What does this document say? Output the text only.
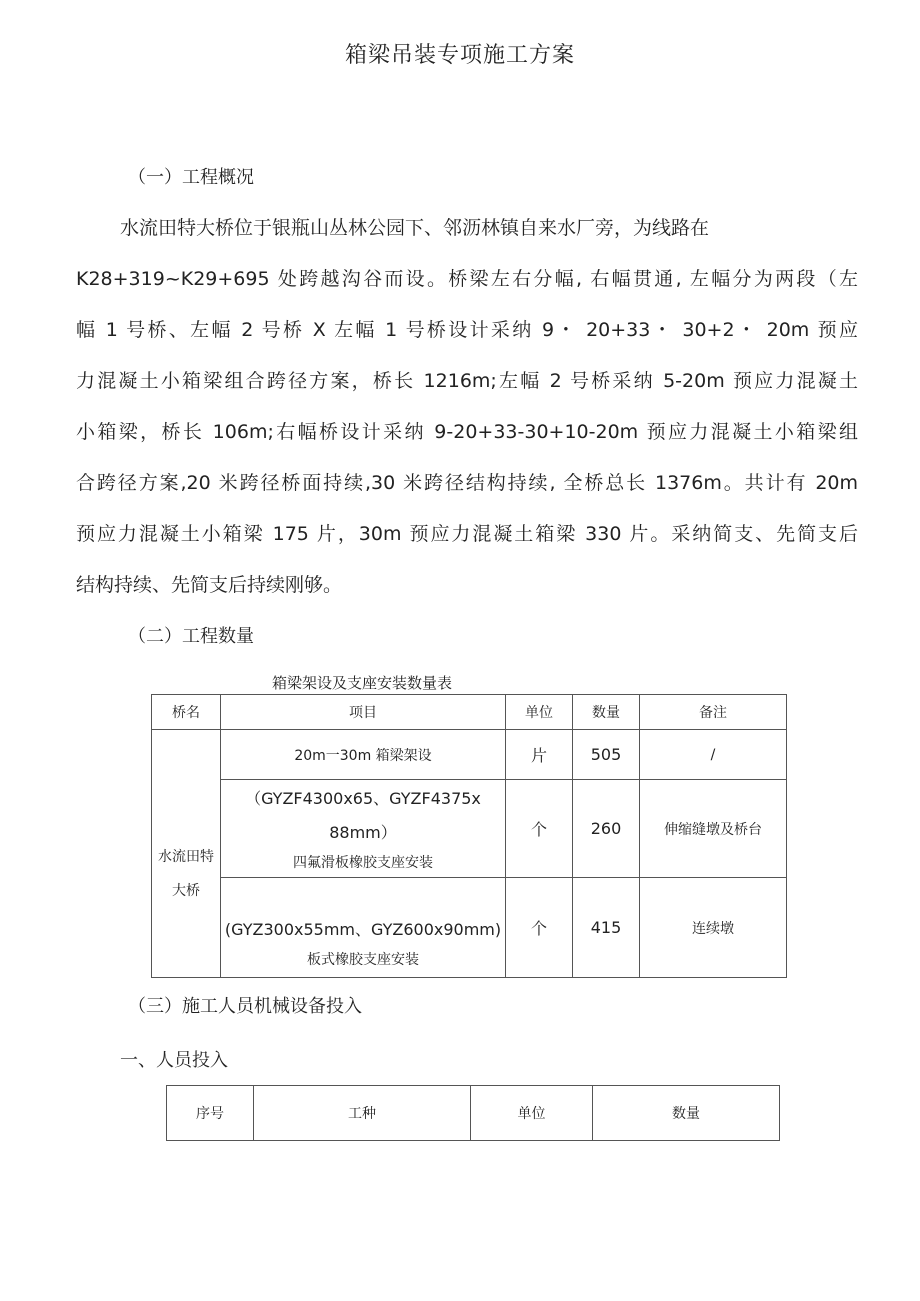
箱梁吊装专项施工方案
（一）工程概况
水流田特大桥位于银瓶山丛林公园下、邻沥林镇自来水厂旁，为线路在
K28+319~K29+695 处跨越沟谷而设。桥梁左右分幅, 右幅贯通, 左幅分为两段（左
幅 1 号桥、左幅 2 号桥 X 左幅 1 号桥设计采纳 9・ 20+33・ 30+2・ 20m 预应
力混凝土小箱梁组合跨径方案，桥长 1216m;左幅 2 号桥采纳 5-20m 预应力混凝土
小箱梁，桥长 106m;右幅桥设计采纳 9-20+33-30+10-20m 预应力混凝土小箱梁组
合跨径方案,20 米跨径桥面持续,30 米跨径结构持续, 全桥总长 1376m。共计有 20m
预应力混凝土小箱梁 175 片，30m 预应力混凝土箱梁 330 片。采纳简支、先简支后
结构持续、先简支后持续刚够。
（二）工程数量
箱梁架设及支座安装数量表
桥名	项目	单位	数量	备注

水流田特
大桥	20m一30m 箱梁架设	片	505	/

	（GYZF4300x65、GYZF4375x
88mm）
四氟滑板橡胶支座安装	个	260	伸缩缝墩及桥台

	(GYZ300x55mm、GYZ600x90mm)
板式橡胶支座安装	个	415	连续墩
（三）施工人员机械设备投入
一、人员投入
序号	工种	单位	数量
